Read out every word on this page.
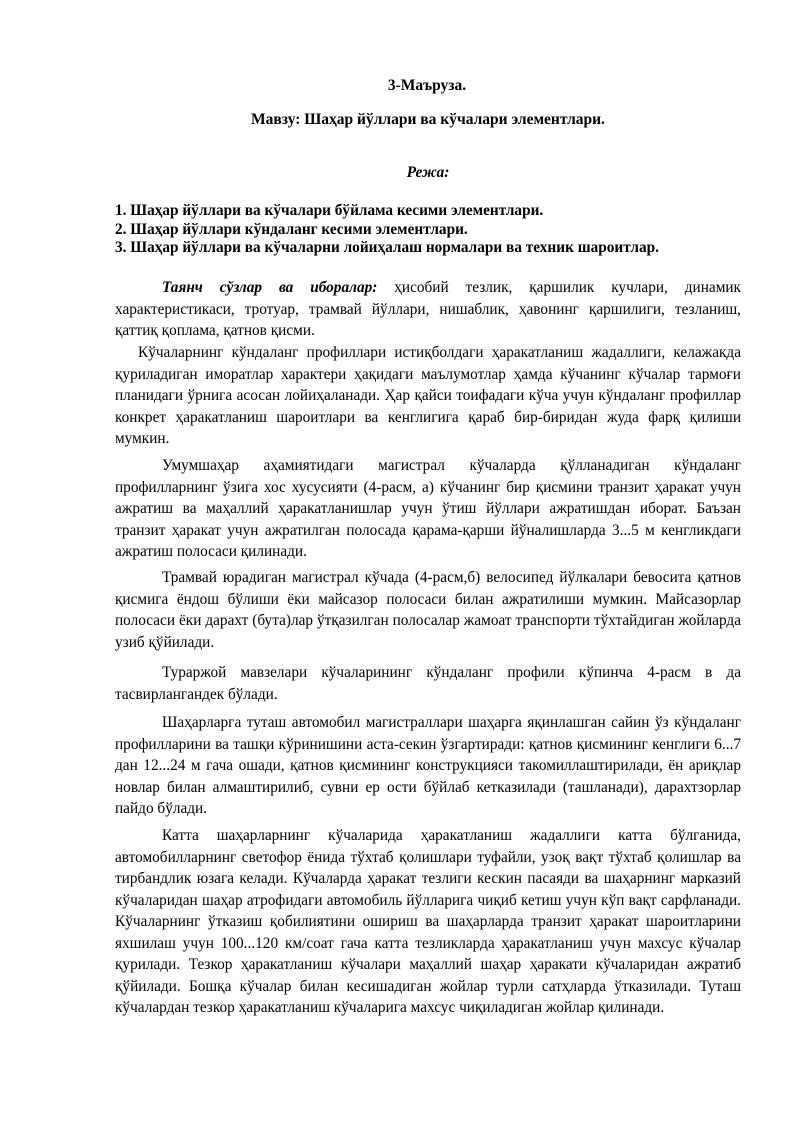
3-Маъруза.
Мавзу: Шаҳар йўллари ва кўчалари элементлари.
Режа:
1. Шаҳар йўллари ва кўчалари бўйлама кесими элементлари.
2. Шаҳар йўллари кўндаланг кесими элементлари.
3. Шаҳар йўллари ва кўчаларни лойиҳалаш нормалари ва техник шароитлар.

Таянч сўзлар ва иборалар: ҳисобий тезлик, қаршилик кучлари, динамик характеристикаси, тротуар, трамвай йўллари, нишаблик, ҳавонинг қаршилиги, тезланиш, қаттиқ қоплама, қатнов қисми.

Кўчаларнинг кўндаланг профиллари истиқболдаги ҳаракатланиш жадаллиги, келажакда қуриладиган иморатлар характери ҳақидаги маълумотлар ҳамда кўчанинг кўчалар тармоғи планидаги ўрнига асосан лойиҳаланади. Ҳар қайси тоифадаги кўча учун кўндаланг профиллар конкрет ҳаракатланиш шароитлари ва кенглигига қараб бир-биридан жуда фарқ қилиши мумкин.

Умумшаҳар аҳамиятидаги магистрал кўчаларда қўлланадиган кўндаланг профилларнинг ўзига хос хусусияти (4-расм, а) кўчанинг бир қисмини транзит ҳаракат учун ажратиш ва маҳаллий ҳаракатланишлар учун ўтиш йўллари ажратишдан иборат. Баъзан транзит ҳаракат учун ажратилган полосада қарама-қарши йўналишларда 3...5 м кенгликдаги ажратиш полосаси қилинади.

Трамвай юрадиган магистрал кўчада (4-расм,б) велосипед йўлкалари бевосита қатнов қисмига ёндош бўлиши ёки майсазор полосаси билан ажратилиши мумкин. Майсазорлар полосаси ёки дарахт (бута)лар ўтқазилган полосалар жамоат транспорти тўхтайдиган жойларда узиб қўйилади.

Тураржой мавзелари кўчаларининг кўндаланг профили кўпинча 4-расм в да тасвирлангандек бўлади.

Шаҳарларга туташ автомобил магистраллари шаҳарга яқинлашган сайин ўз кўндаланг профилларини ва ташқи кўринишини аста-секин ўзгартиради: қатнов қисмининг кенглиги 6...7 дан 12...24 м гача ошади, қатнов қисмининг конструкцияси такомиллаштирилади, ён ариқлар новлар билан алмаштирилиб, сувни ер ости бўйлаб кетказилади (ташланади), дарахтзорлар пайдо бўлади.

Катта шаҳарларнинг кўчаларида ҳаракатланиш жадаллиги катта бўлганида, автомобилларнинг светофор ёнида тўхтаб қолишлари туфайли, узоқ вақт тўхтаб қолишлар ва тирбандлик юзага келади. Кўчаларда ҳаракат тезлиги кескин пасаяди ва шаҳарнинг марказий кўчаларидан шаҳар атрофидаги автомобиль йўлларига чиқиб кетиш учун кўп вақт сарфланади. Кўчаларнинг ўтказиш қобилиятини ошириш ва шаҳарларда транзит ҳаракат шароитларини яхшилаш учун 100...120 км/соат гача катта тезликларда ҳаракатланиш учун махсус кўчалар қурилади. Тезкор ҳаракатланиш кўчалари маҳаллий шаҳар ҳаракати кўчаларидан ажратиб қўйилади. Бошқа кўчалар билан кесишадиган жойлар турли сатҳларда ўтказилади. Туташ кўчалардан тезкор ҳаракатланиш кўчаларига махсус чиқиладиган жойлар қилинади.
